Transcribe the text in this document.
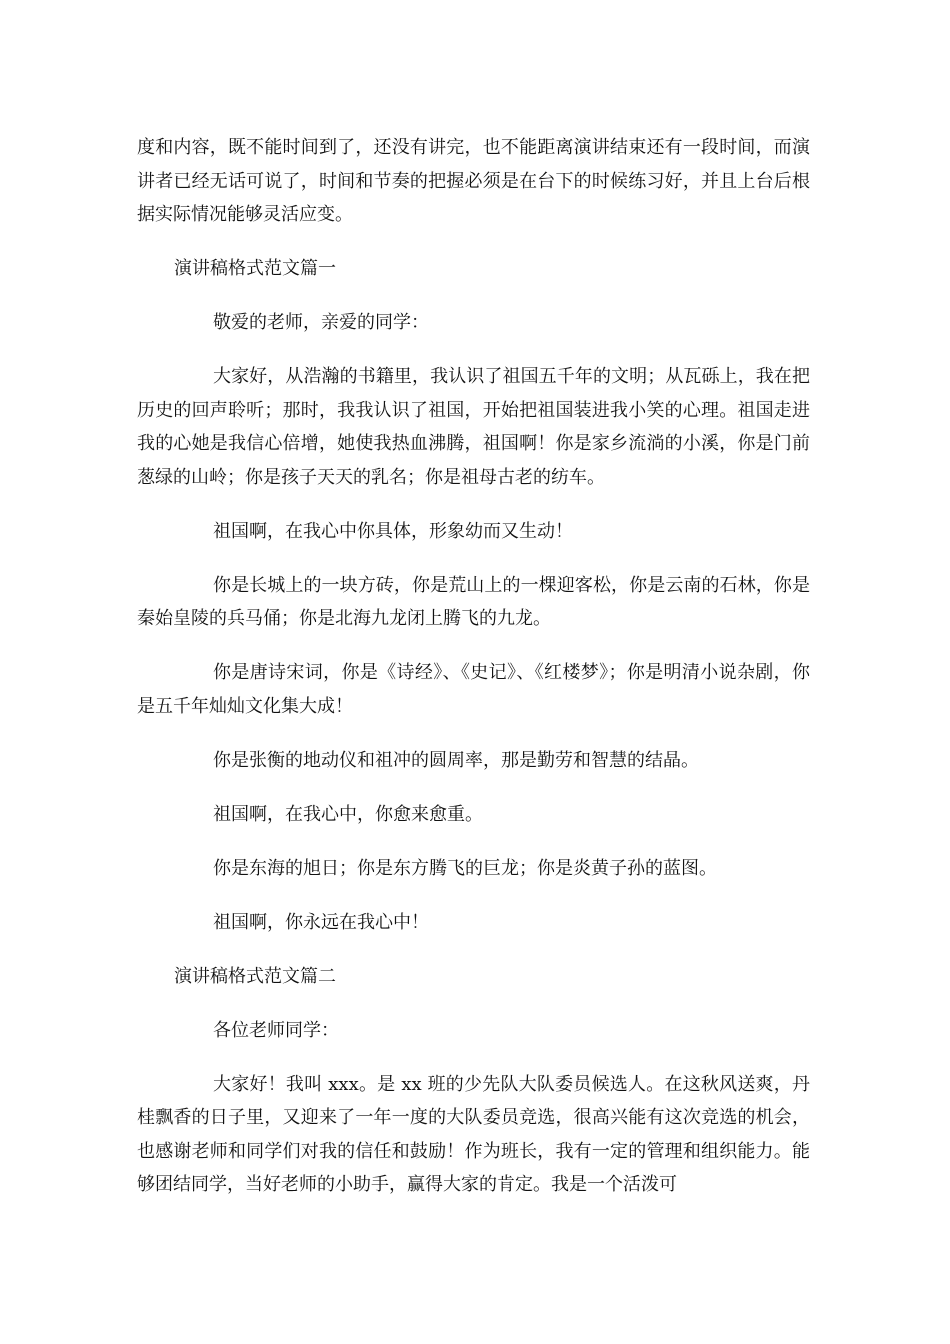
度和内容，既不能时间到了，还没有讲完，也不能距离演讲结束还有一段时间，而演讲者已经无话可说了，时间和节奏的把握必须是在台下的时候练习好，并且上台后根据实际情况能够灵活应变。

演讲稿格式范文篇一

敬爱的老师，亲爱的同学：

大家好，从浩瀚的书籍里，我认识了祖国五千年的文明；从瓦砾上，我在把历史的回声聆听；那时，我我认识了祖国，开始把祖国装进我小笑的心理。祖国走进我的心她是我信心倍增，她使我热血沸腾，祖国啊！你是家乡流淌的小溪，你是门前葱绿的山岭；你是孩子天天的乳名；你是祖母古老的纺车。

祖国啊，在我心中你具体，形象幼而又生动！

你是长城上的一块方砖，你是荒山上的一棵迎客松，你是云南的石林，你是秦始皇陵的兵马俑；你是北海九龙闭上腾飞的九龙。

你是唐诗宋词，你是《诗经》、《史记》、《红楼梦》；你是明清小说杂剧，你是五千年灿灿文化集大成！

你是张衡的地动仪和祖冲的圆周率，那是勤劳和智慧的结晶。

祖国啊，在我心中，你愈来愈重。

你是东海的旭日；你是东方腾飞的巨龙；你是炎黄子孙的蓝图。

祖国啊，你永远在我心中！

演讲稿格式范文篇二

各位老师同学：

大家好！我叫 xxx。是 xx 班的少先队大队委员候选人。在这秋风送爽，丹桂飘香的日子里，又迎来了一年一度的大队委员竞选，很高兴能有这次竞选的机会，也感谢老师和同学们对我的信任和鼓励！作为班长，我有一定的管理和组织能力。能够团结同学，当好老师的小助手，赢得大家的肯定。我是一个活泼可
